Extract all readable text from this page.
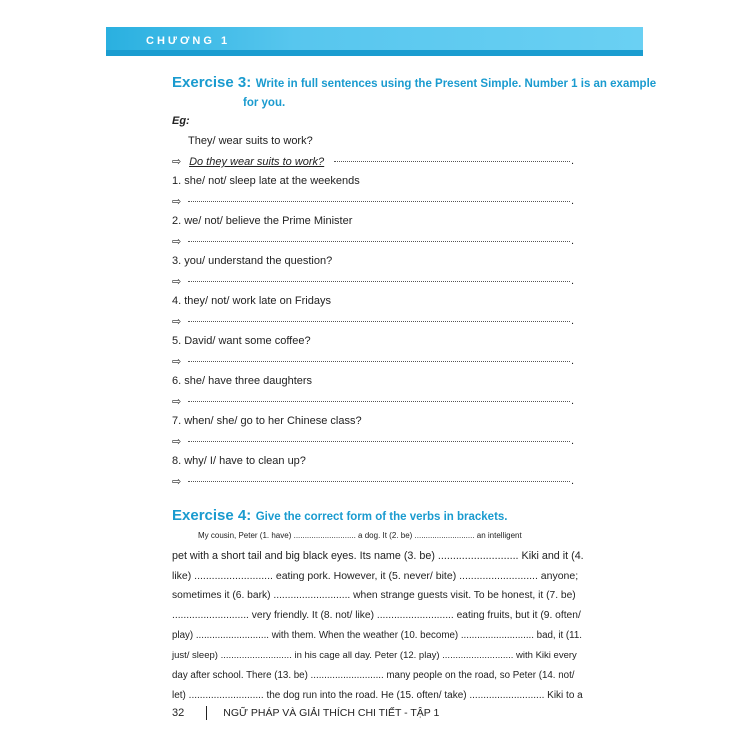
CHƯƠNG 1
Exercise 3: Write in full sentences using the Present Simple. Number 1 is an example
for you.
Eg:
They/ wear suits to work?
⇨ Do they wear suits to work?	.
1. she/ not/ sleep late at the weekends
⇨	.
2. we/ not/ believe the Prime Minister
⇨	.
3. you/ understand the question?
⇨	.
4. they/ not/ work late on Fridays
⇨	.
5. David/ want some coffee?
⇨	.
6. she/ have three daughters
⇨	.
7. when/ she/ go to her Chinese class?
⇨	.
8. why/ I/ have to clean up?
⇨	.
Exercise 4: Give the correct form of the verbs in brackets.
My cousin, Peter (1. have) ............................ a dog. It (2. be) ........................... an intelligent
pet with a short tail and big black eyes. Its name (3. be) ........................... Kiki and it (4.
like) ........................... eating pork. However, it (5. never/ bite) ........................... anyone;
sometimes it (6. bark) ........................... when strange guests visit. To be honest, it (7. be)
........................... very friendly. It (8. not/ like) ........................... eating fruits, but it (9. often/
play) ........................... with them. When the weather (10. become) ........................... bad, it (11.
just/ sleep) ........................... in his cage all day. Peter (12. play) ........................... with Kiki every
day after school. There (13. be) ........................... many people on the road, so Peter (14. not/
let) ........................... the dog run into the road. He (15. often/ take) ........................... Kiki to a
32	NGỮ PHÁP VÀ GIẢI THÍCH CHI TIẾT - TẬP 1
